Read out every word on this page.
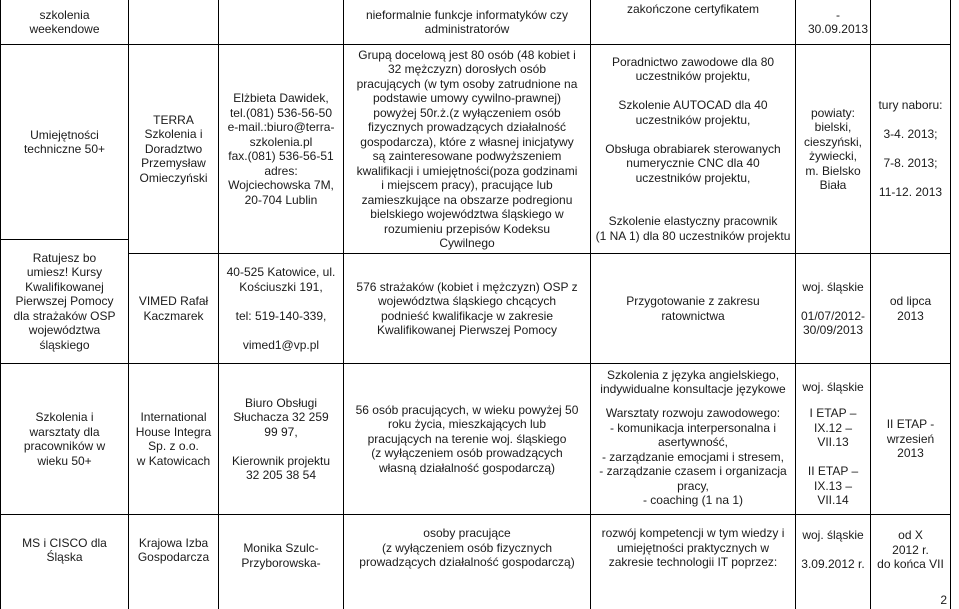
szkolenia
weekendowe
nieformalnie funkcje informatyków czy
administratorów
zakończone certyfikatem	-
30.09.2013
Umiejętności
techniczne 50+
TERRA
Szkolenia i
Doradztwo
Przemysław
Omieczyński
Elżbieta Dawidek,
tel.(081) 536-56-50
e-mail.:biuro@terra-
szkolenia.pl
fax.(081) 536-56-51
adres:
Wojciechowska 7M,
20-704 Lublin
Grupą docelową jest 80 osób (48 kobiet i
32 mężczyzn) dorosłych osób
pracujących (w tym osoby zatrudnione na
podstawie umowy cywilno-prawnej)
powyżej 50r.ż.(z wyłączeniem osób
fizycznych prowadzących działalność
gospodarcza), które z własnej inicjatywy
są zainteresowane podwyższeniem
kwalifikacji i umiejętności(poza godzinami
i miejscem pracy), pracujące lub
zamieszkujące na obszarze podregionu
bielskiego województwa śląskiego w
rozumieniu przepisów Kodeksu
Cywilnego
Poradnictwo zawodowe dla 80
uczestników projektu,

Szkolenie AUTOCAD dla 40
uczestników projektu,

Obsługa obrabiarek sterowanych
numerycznie CNC dla 40
uczestników projektu,

Szkolenie elastyczny pracownik
(1 NA 1) dla 80 uczestników projektu
powiaty:
bielski,
cieszyński,
żywiecki,
m. Bielsko
Biała
tury naboru:

3-4. 2013;

7-8. 2013;

11-12. 2013
Ratujesz bo
umiesz! Kursy
Kwalifikowanej
Pierwszej Pomocy
dla strażaków OSP
województwa
śląskiego
VIMED Rafał
Kaczmarek
40-525 Katowice, ul.
Kościuszki 191,

tel: 519-140-339,

vimed1@vp.pl
576 strażaków (kobiet i mężczyzn) OSP z
województwa śląskiego chcących
podnieść kwalifikacje w zakresie
Kwalifikowanej Pierwszej Pomocy
Przygotowanie z zakresu
ratownictwa
woj. śląskie

01/07/2012-
30/09/2013
od lipca
2013
Szkolenia i
warsztaty dla
pracowników w
wieku 50+
International
House Integra
Sp. z o.o.
w Katowicach
Biuro Obsługi
Słuchacza 32 259
99 97,

Kierownik projektu
32 205 38 54
56 osób pracujących, w wieku powyżej 50
roku życia, mieszkających lub
pracujących na terenie woj. śląskiego
(z wyłączeniem osób prowadzących
własną działalność gospodarczą)
Szkolenia z języka angielskiego,
indywidualne konsultacje językowe
Warsztaty rozwoju zawodowego:
- komunikacja interpersonalna i
asertywność,
- zarządzanie emocjami i stresem,
- zarządzanie czasem i organizacja
pracy,
- coaching (1 na 1)
woj. śląskie
I ETAP –
IX.12 –
VII.13

II ETAP –
IX.13 –
VII.14
II ETAP -
wrzesień
2013
MS i CISCO dla
Śląska
Krajowa Izba
Gospodarcza
Monika Szulc-
Przyborowska-
osoby pracujące
(z wyłączeniem osób fizycznych
prowadzących działalność gospodarczą)
rozwój kompetencji w tym wiedzy i
umiejętności praktycznych w
zakresie technologii IT poprzez:
woj. śląskie

3.09.2012 r.
od X
2012 r.
do końca VII
2
